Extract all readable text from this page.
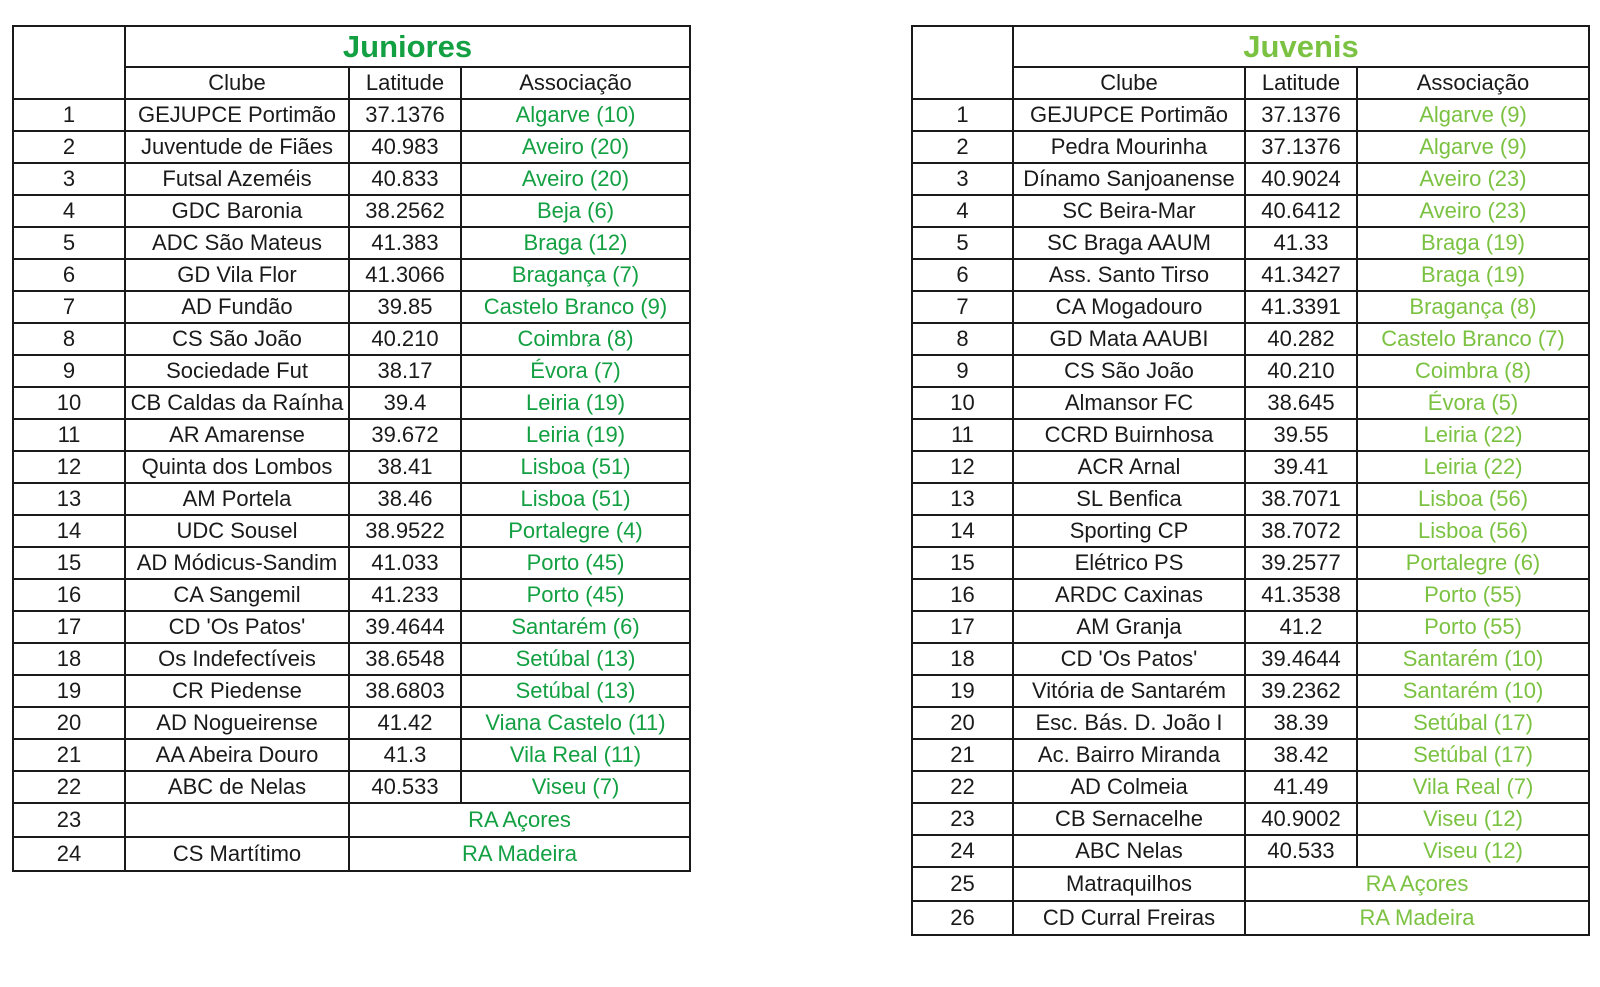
	Juniores		
	Clube	Latitude	Associação
1	GEJUPCE Portimão	37.1376	Algarve (10)
2	Juventude de Fiães	40.983	Aveiro (20)
3	Futsal Azeméis	40.833	Aveiro (20)
4	GDC Baronia	38.2562	Beja (6)
5	ADC São Mateus	41.383	Braga (12)
6	GD Vila Flor	41.3066	Bragança (7)
7	AD Fundão	39.85	Castelo Branco (9)
8	CS São João	40.210	Coimbra (8)
9	Sociedade Fut	38.17	Évora (7)
10	CB Caldas da Raínha	39.4	Leiria (19)
11	AR Amarense	39.672	Leiria (19)
12	Quinta dos Lombos	38.41	Lisboa (51)
13	AM Portela	38.46	Lisboa (51)
14	UDC Sousel	38.9522	Portalegre (4)
15	AD Módicus-Sandim	41.033	Porto (45)
16	CA Sangemil	41.233	Porto (45)
17	CD 'Os Patos'	39.4644	Santarém (6)
18	Os Indefectíveis	38.6548	Setúbal (13)
19	CR Piedense	38.6803	Setúbal (13)
20	AD Nogueirense	41.42	Viana Castelo (11)
21	AA Abeira Douro	41.3	Vila Real (11)
22	ABC de Nelas	40.533	Viseu (7)
23		RA Açores	
24	CS Martítimo	RA Madeira	
	Juvenis		
	Clube	Latitude	Associação
1	GEJUPCE Portimão	37.1376	Algarve (9)
2	Pedra Mourinha	37.1376	Algarve (9)
3	Dínamo Sanjoanense	40.9024	Aveiro (23)
4	SC Beira-Mar	40.6412	Aveiro (23)
5	SC Braga AAUM	41.33	Braga (19)
6	Ass. Santo Tirso	41.3427	Braga (19)
7	CA Mogadouro	41.3391	Bragança (8)
8	GD Mata AAUBI	40.282	Castelo Branco (7)
9	CS São João	40.210	Coimbra (8)
10	Almansor FC	38.645	Évora (5)
11	CCRD Buirnhosa	39.55	Leiria (22)
12	ACR Arnal	39.41	Leiria (22)
13	SL Benfica	38.7071	Lisboa (56)
14	Sporting CP	38.7072	Lisboa (56)
15	Elétrico PS	39.2577	Portalegre (6)
16	ARDC Caxinas	41.3538	Porto (55)
17	AM Granja	41.2	Porto (55)
18	CD 'Os Patos'	39.4644	Santarém (10)
19	Vitória de Santarém	39.2362	Santarém (10)
20	Esc. Bás. D. João I	38.39	Setúbal (17)
21	Ac. Bairro Miranda	38.42	Setúbal (17)
22	AD Colmeia	41.49	Vila Real (7)
23	CB Sernacelhe	40.9002	Viseu (12)
24	ABC Nelas	40.533	Viseu (12)
25	Matraquilhos	RA Açores	
26	CD Curral Freiras	RA Madeira	
